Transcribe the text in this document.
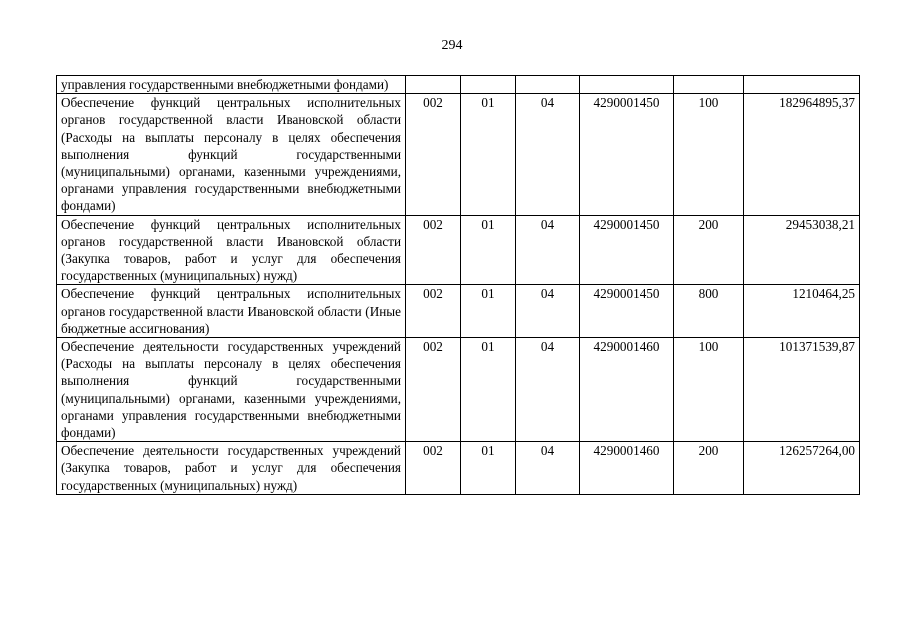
294
управления государственными внебюджетными фондами)						
Обеспечение функций центральных исполнительных органов государственной власти Ивановской области (Расходы на выплаты персоналу в целях обеспечения выполнения функций государственными (муниципальными) органами, казенными учреждениями, органами управления государственными внебюджетными фондами)	002	01	04	4290001450	100	182964895,37
Обеспечение функций центральных исполнительных органов государственной власти Ивановской области (Закупка товаров, работ и услуг для обеспечения государственных (муниципальных) нужд)	002	01	04	4290001450	200	29453038,21
Обеспечение функций центральных исполнительных органов государственной власти Ивановской области (Иные бюджетные ассигнования)	002	01	04	4290001450	800	1210464,25
Обеспечение деятельности государственных учреждений (Расходы на выплаты персоналу в целях обеспечения выполнения функций государственными (муниципальными) органами, казенными учреждениями, органами управления государственными внебюджетными фондами)	002	01	04	4290001460	100	101371539,87
Обеспечение деятельности государственных учреждений (Закупка товаров, работ и услуг для обеспечения государственных (муниципальных) нужд)	002	01	04	4290001460	200	126257264,00
